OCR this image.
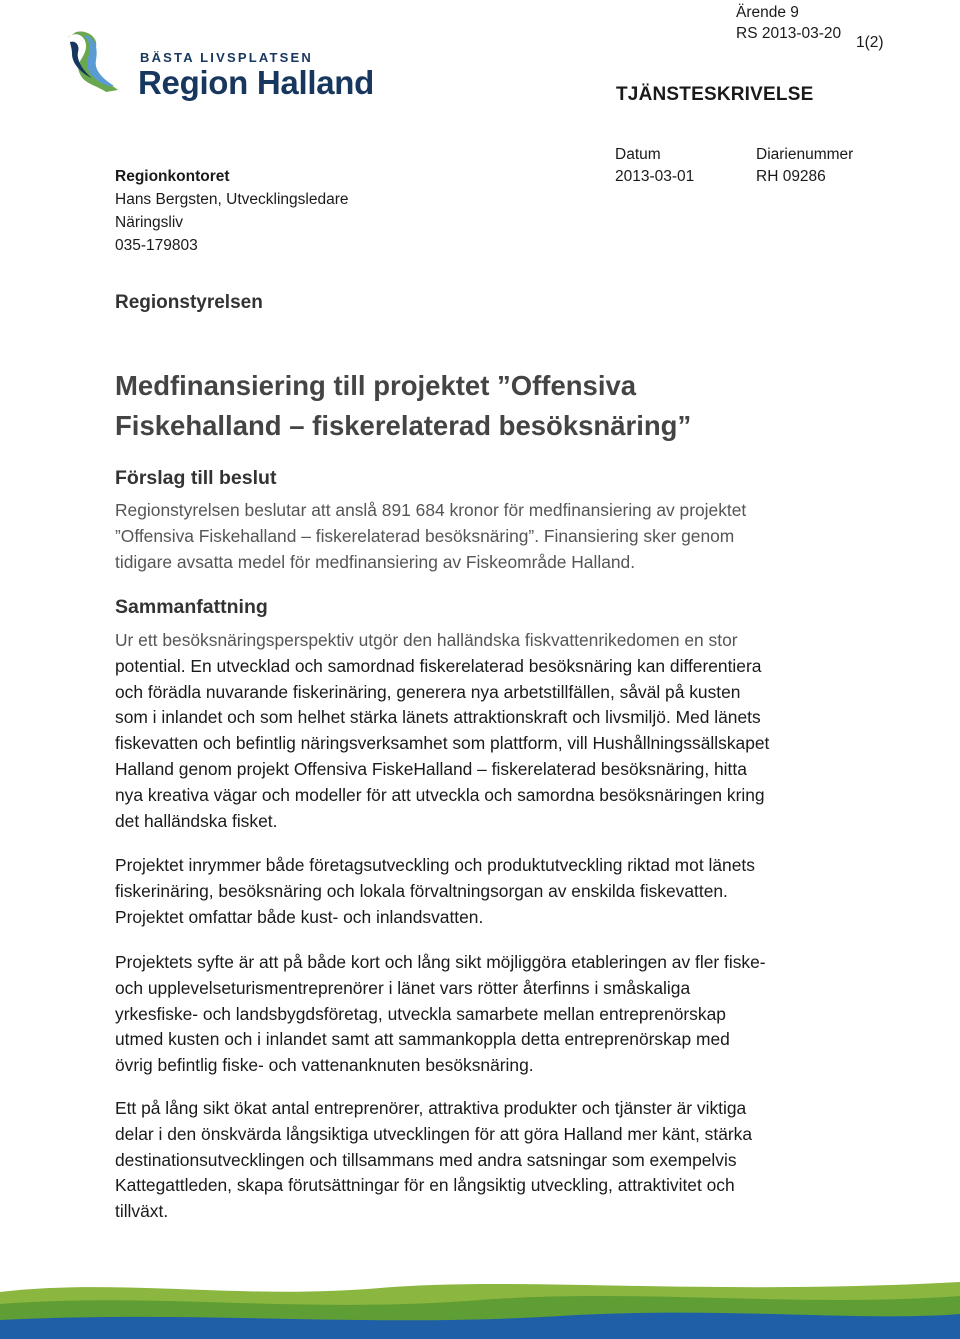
BÄSTA LIVSPLATSEN
Region Halland
Ärende 9
RS 2013-03-20
1(2)
TJÄNSTESKRIVELSE
Datum
2013-03-01
Diarienummer
RH 09286
Regionkontoret
Hans Bergsten, Utvecklingsledare
Näringsliv
035-179803
Regionstyrelsen
Medfinansiering till projektet ”Offensiva
Fiskehalland – fiskerelaterad besöksnäring”
Förslag till beslut
Regionstyrelsen beslutar att anslå 891 684 kronor för medfinansiering av projektet
”Offensiva Fiskehalland – fiskerelaterad besöksnäring”. Finansiering sker genom
tidigare avsatta medel för medfinansiering av Fiskeområde Halland.
Sammanfattning
Ur ett besöksnäringsperspektiv utgör den halländska fiskvattenrikedomen en stor
potential. En utvecklad och samordnad fiskerelaterad besöksnäring kan differentiera
och förädla nuvarande fiskerinäring, generera nya arbetstillfällen, såväl på kusten
som i inlandet och som helhet stärka länets attraktionskraft och livsmiljö. Med länets
fiskevatten och befintlig näringsverksamhet som plattform, vill Hushållningssällskapet
Halland genom projekt Offensiva FiskeHalland – fiskerelaterad besöksnäring, hitta
nya kreativa vägar och modeller för att utveckla och samordna besöksnäringen kring
det halländska fisket.
Projektet inrymmer både företagsutveckling och produktutveckling riktad mot länets
fiskerinäring, besöksnäring och lokala förvaltningsorgan av enskilda fiskevatten.
Projektet omfattar både kust- och inlandsvatten.
Projektets syfte är att på både kort och lång sikt möjliggöra etableringen av fler fiske-
och upplevelseturismentreprenörer i länet vars rötter återfinns i småskaliga
yrkesfiske- och landsbygdsföretag, utveckla samarbete mellan entreprenörskap
utmed kusten och i inlandet samt att sammankoppla detta entreprenörskap med
övrig befintlig fiske- och vattenanknuten besöksnäring.
Ett på lång sikt ökat antal entreprenörer, attraktiva produkter och tjänster är viktiga
delar i den önskvärda långsiktiga utvecklingen för att göra Halland mer känt, stärka
destinationsutvecklingen och tillsammans med andra satsningar som exempelvis
Kattegattleden, skapa förutsättningar för en långsiktig utveckling, attraktivitet och
tillväxt.
